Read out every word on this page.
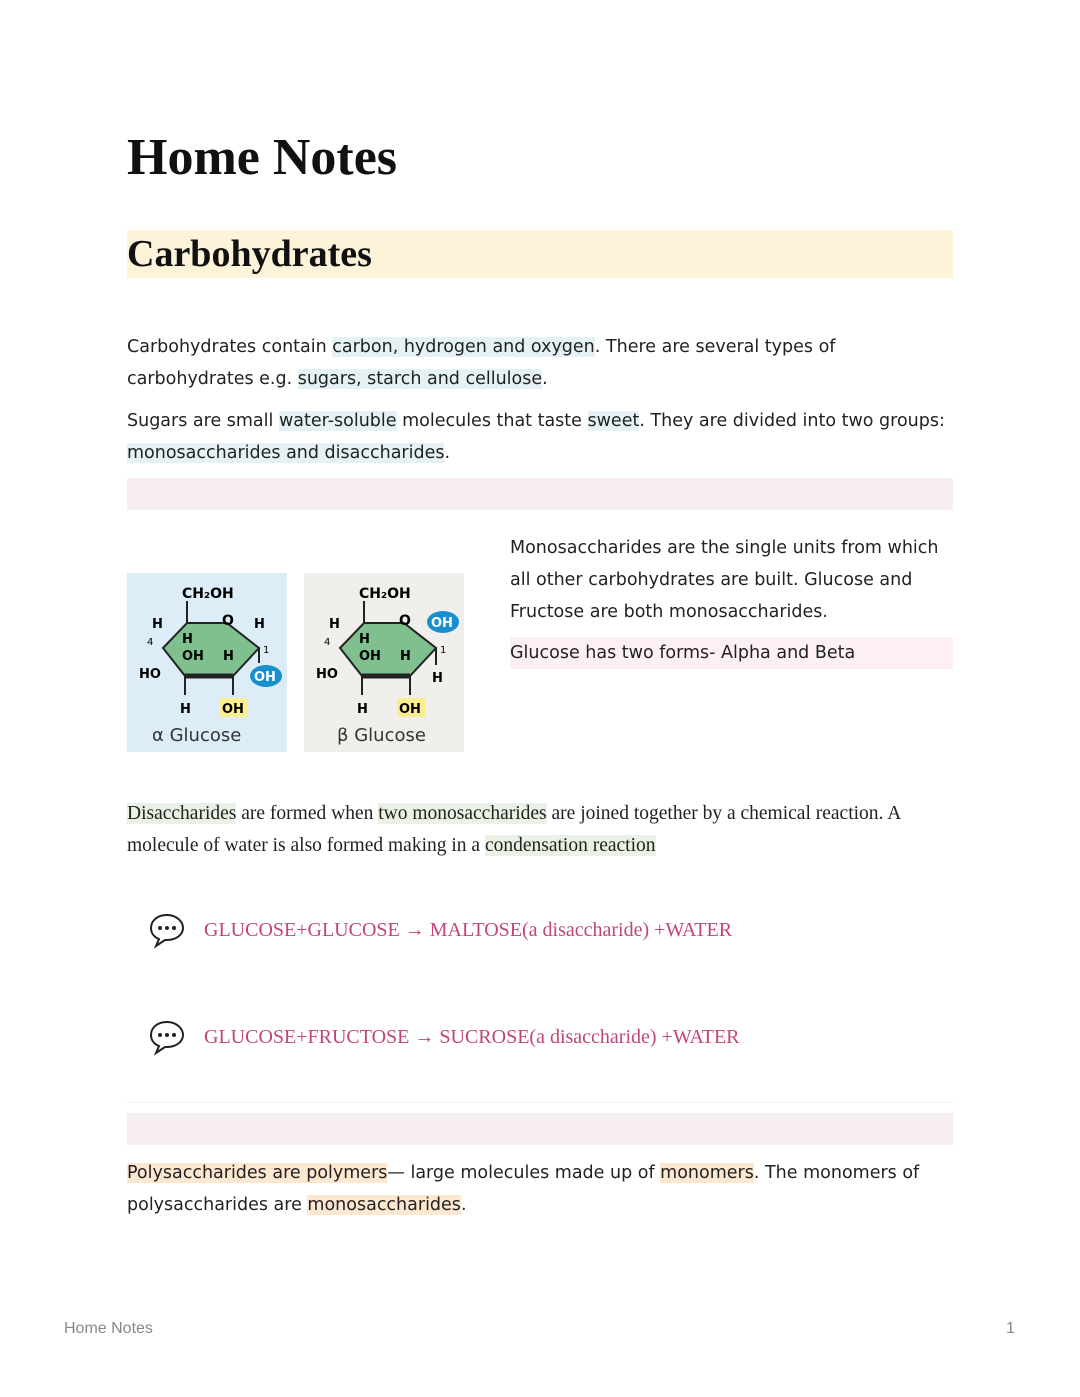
Home Notes
Carbohydrates

Carbohydrates contain carbon, hydrogen and oxygen. There are several types of carbohydrates e.g. sugars, starch and cellulose.

Sugars are small water-soluble molecules that taste sweet. They are divided into two groups: monosaccharides and disaccharides.

CH₂OH
O
H	H
H
OH H
4
1
HO	OH
H OH
α Glucose
CH₂OH
O
H	OH
H
OH H
4
1
HO	H
H OH
β Glucose

Monosaccharides are the single units from which all other carbohydrates are built. Glucose and Fructose are both monosaccharides.

Glucose has two forms- Alpha and Beta

Disaccharides are formed when two monosaccharides are joined together by a chemical reaction. A molecule of water is also formed making in a condensation reaction

GLUCOSE+GLUCOSE → MALTOSE(a disaccharide) +WATER
GLUCOSE+FRUCTOSE → SUCROSE(a disaccharide) +WATER

Polysaccharides are polymers— large molecules made up of monomers. The monomers of polysaccharides are monosaccharides.

Home Notes	1
